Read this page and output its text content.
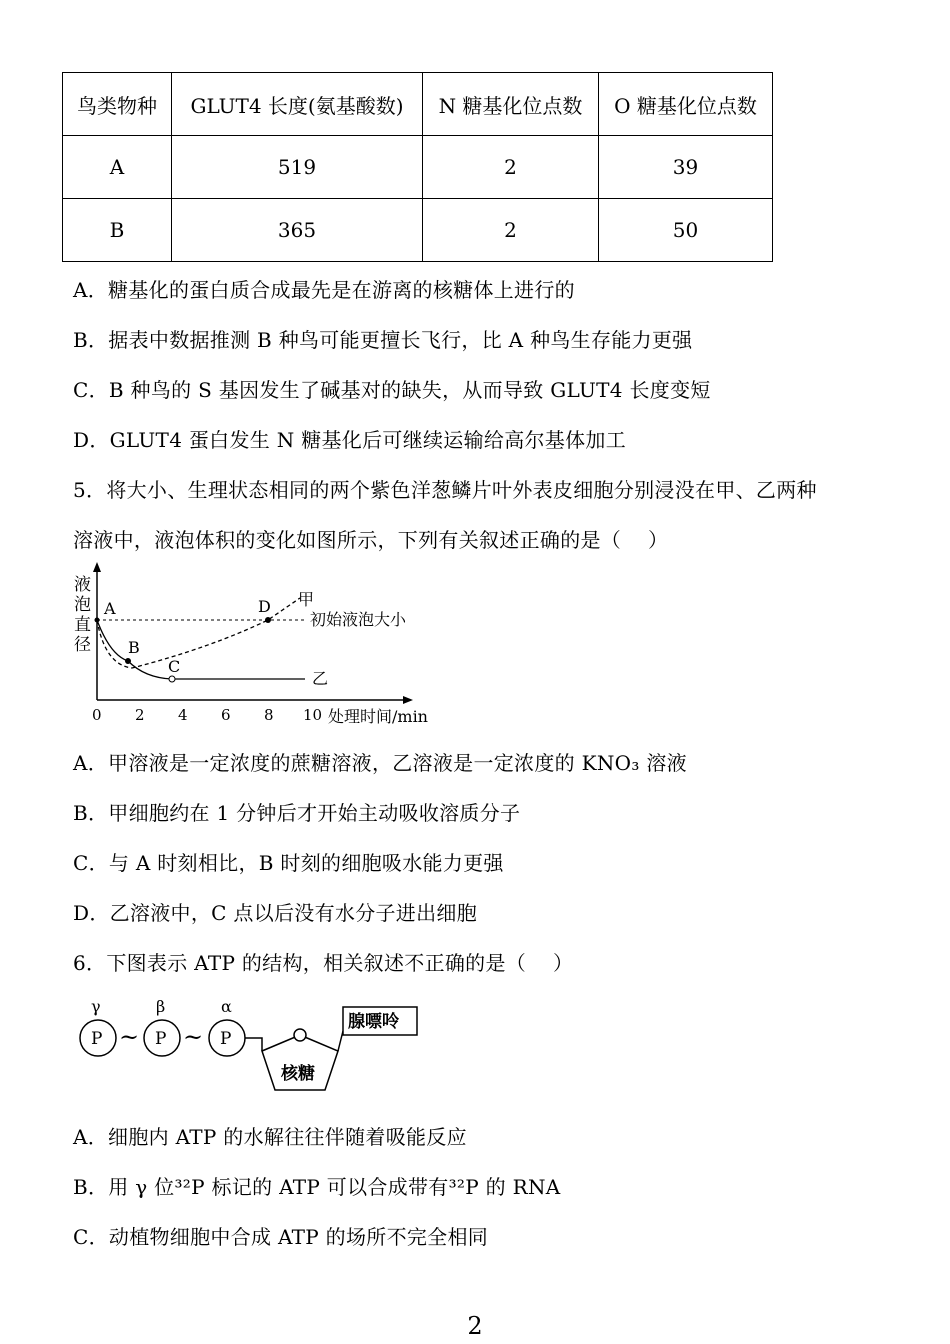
鸟类物种	GLUT4 长度(氨基酸数)	N 糖基化位点数	O 糖基化位点数
A	519	2	39
B	365	2	50
A．糖基化的蛋白质合成最先是在游离的核糖体上进行的
B．据表中数据推测 B 种鸟可能更擅长飞行，比 A 种鸟生存能力更强
C．B 种鸟的 S 基因发生了碱基对的缺失，从而导致 GLUT4 长度变短
D．GLUT4 蛋白发生 N 糖基化后可继续运输给高尔基体加工
5．将大小、生理状态相同的两个紫色洋葱鳞片叶外表皮细胞分别浸没在甲、乙两种
溶液中，液泡体积的变化如图所示，下列有关叙述正确的是（　 ）
液
泡
直
径
0 2 4 6 8 10 处理时间/min
初始液泡大小
乙
甲
A
B
C
D
A．甲溶液是一定浓度的蔗糖溶液，乙溶液是一定浓度的 KNO₃ 溶液
B．甲细胞约在 1 分钟后才开始主动吸收溶质分子
C．与 A 时刻相比，B 时刻的细胞吸水能力更强
D．乙溶液中，C 点以后没有水分子进出细胞
6．下图表示 ATP 的结构，相关叙述不正确的是（　 ）
γ	β	α
P ~ P ~ P
核糖
腺嘌呤
A．细胞内 ATP 的水解往往伴随着吸能反应
B．用 γ 位³²P 标记的 ATP 可以合成带有³²P 的 RNA
C．动植物细胞中合成 ATP 的场所不完全相同
2
